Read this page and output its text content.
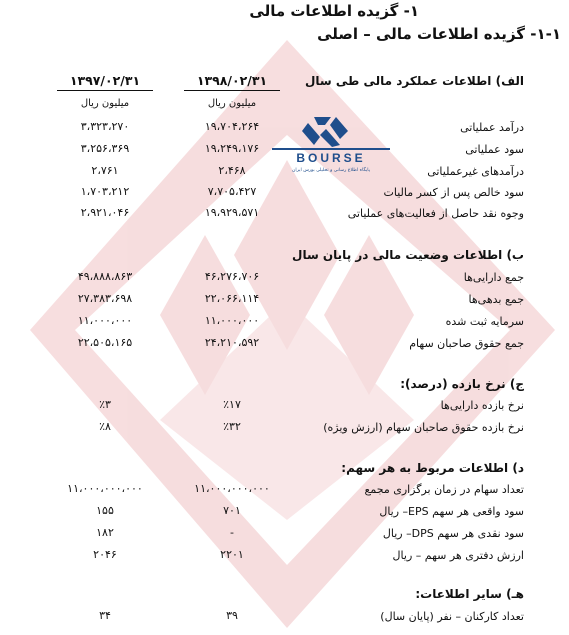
BOURSE
پایگاه اطلاع رسانی و تحلیلی بورس ایران
۱- گزیده اطلاعات مالی
۱-۱- گزیده اطلاعات مالی – اصلی
۱۳۹۸/۰۲/۳۱
میلیون ریال
۱۳۹۷/۰۲/۳۱
میلیون ریال
الف) اطلاعات عملکرد مالی طی سال
درآمد عملیاتی
۱۹،۷۰۴،۲۶۴
۳،۳۲۳،۲۷۰
سود عملیاتی
۱۹،۲۴۹،۱۷۶
۳،۲۵۶،۳۶۹
درآمدهای غیرعملیاتی
۲،۴۶۸
۲،۷۶۱
سود خالص پس از کسر مالیات
۷،۷۰۵،۴۲۷
۱،۷۰۳،۲۱۲
وجوه نقد حاصل از فعالیت‌های عملیاتی
۱۹،۹۲۹،۵۷۱
۲،۹۲۱،۰۴۶
ب) اطلاعات وضعیت مالی در پایان سال
جمع دارایی‌ها
۴۶،۲۷۶،۷۰۶
۴۹،۸۸۸،۸۶۳
جمع بدهی‌ها
۲۲،۰۶۶،۱۱۴
۲۷،۳۸۳،۶۹۸
سرمایه ثبت شده
۱۱،۰۰۰،۰۰۰
۱۱،۰۰۰،۰۰۰
جمع حقوق صاحبان سهام
۲۴،۲۱۰،۵۹۲
۲۲،۵۰۵،۱۶۵
ج) نرخ بازده (درصد):
نرخ بازده دارایی‌ها
٪۱۷
٪۳
نرخ بازده حقوق صاحبان سهام (ارزش ویژه)
٪۳۲
٪۸
د) اطلاعات مربوط به هر سهم:
تعداد سهام در زمان برگزاری مجمع
۱۱،۰۰۰،۰۰۰،۰۰۰
۱۱،۰۰۰،۰۰۰،۰۰۰
سود واقعی هر سهم EPS– ریال
۷۰۱
۱۵۵
سود نقدی هر سهم DPS– ریال
-
۱۸۲
ارزش دفتری هر سهم – ریال
۲۲۰۱
۲۰۴۶
هـ) سایر اطلاعات:
تعداد کارکنان – نفر (پایان سال)
۳۹
۳۴
